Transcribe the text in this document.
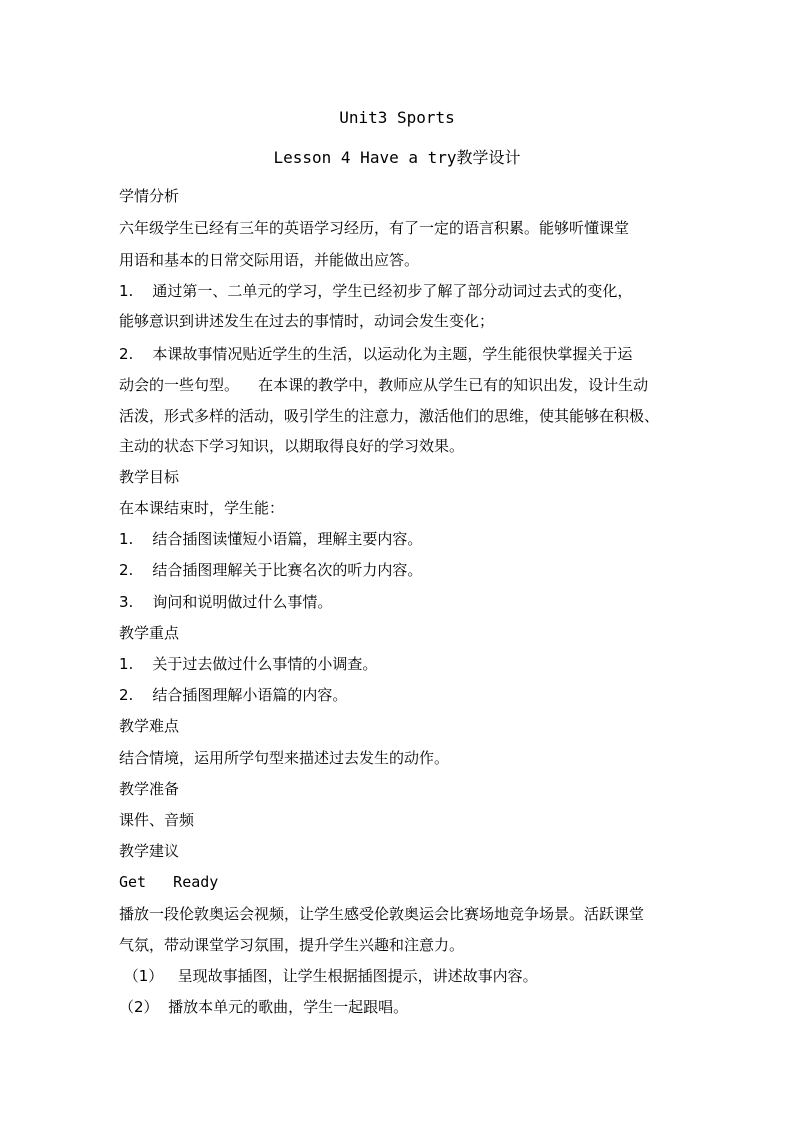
Unit3 Sports
Lesson 4 Have a try教学设计
学情分析
六年级学生已经有三年的英语学习经历，有了一定的语言积累。能够听懂课堂
用语和基本的日常交际用语，并能做出应答。
1.    通过第一、二单元的学习，学生已经初步了解了部分动词过去式的变化，
能够意识到讲述发生在过去的事情时，动词会发生变化；
2.    本课故事情况贴近学生的生活，以运动化为主题，学生能很快掌握关于运
动会的一些句型。    在本课的教学中，教师应从学生已有的知识出发，设计生动
活泼，形式多样的活动，吸引学生的注意力，激活他们的思维，使其能够在积极、
主动的状态下学习知识，以期取得良好的学习效果。
教学目标
在本课结束时，学生能：
1.    结合插图读懂短小语篇，理解主要内容。
2.    结合插图理解关于比赛名次的听力内容。
3.    询问和说明做过什么事情。
教学重点
1.    关于过去做过什么事情的小调查。
2.    结合插图理解小语篇的内容。
教学难点
结合情境，运用所学句型来描述过去发生的动作。
教学准备
课件、音频
教学建议
Get   Ready
播放一段伦敦奥运会视频，让学生感受伦敦奥运会比赛场地竞争场景。活跃课堂
气氛，带动课堂学习氛围，提升学生兴趣和注意力。
（1）   呈现故事插图，让学生根据插图提示，讲述故事内容。
（2）  播放本单元的歌曲，学生一起跟唱。
